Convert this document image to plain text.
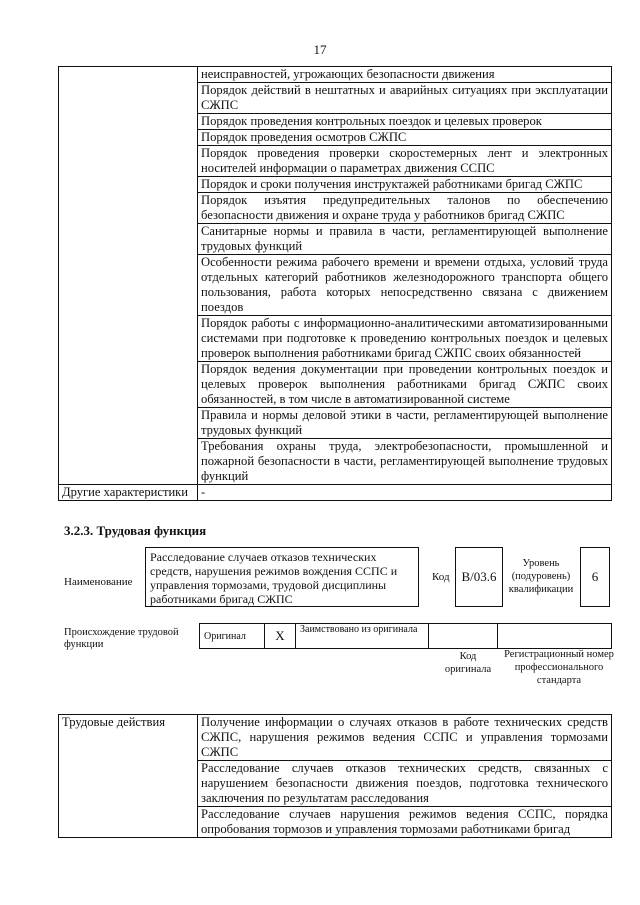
17
	неисправностей, угрожающих безопасности движения
	Порядок действий в нештатных и аварийных ситуациях при эксплуатации СЖПС
	Порядок проведения контрольных поездок и целевых проверок
	Порядок проведения осмотров СЖПС
	Порядок проведения проверки скоростемерных лент и электронных носителей информации о параметрах движения ССПС
	Порядок и сроки получения инструктажей работниками бригад СЖПС
	Порядок изъятия предупредительных талонов по обеспечению безопасности движения и охране труда у работников бригад СЖПС
	Санитарные нормы и правила в части, регламентирующей выполнение трудовых функций
	Особенности режима рабочего времени и времени отдыха, условий труда отдельных категорий работников железнодорожного транспорта общего пользования, работа которых непосредственно связана с движением поездов
	Порядок работы с информационно-аналитическими автоматизированными системами при подготовке к проведению контрольных поездок и целевых проверок выполнения работниками бригад СЖПС своих обязанностей
	Порядок ведения документации при проведении контрольных поездок и целевых проверок выполнения работниками бригад СЖПС своих обязанностей, в том числе в автоматизированной системе
	Правила и нормы деловой этики в части, регламентирующей выполнение трудовых функций
	Требования охраны труда, электробезопасности, промышленной и пожарной безопасности в части, регламентирующей выполнение трудовых функций
Другие характеристики	-
3.2.3. Трудовая функция
Наименование
Расследование случаев отказов технических средств, нарушения режимов вождения ССПС и управления тормозами, трудовой дисциплины работниками бригад СЖПС
Код B/03.6
Уровень (подуровень) квалификации
6
Происхождение трудовой функции
Оригинал	X	Заимствовано из оригинала		
Код оригинала
Регистрационный номер профессионального стандарта
Трудовые действия	Получение информации о случаях отказов в работе технических средств СЖПС, нарушения режимов ведения ССПС и управления тормозами СЖПС
Расследование случаев отказов технических средств, связанных с нарушением безопасности движения поездов, подготовка технического заключения по результатам расследования
Расследование случаев нарушения режимов ведения ССПС, порядка опробования тормозов и управления тормозами работниками бригад
